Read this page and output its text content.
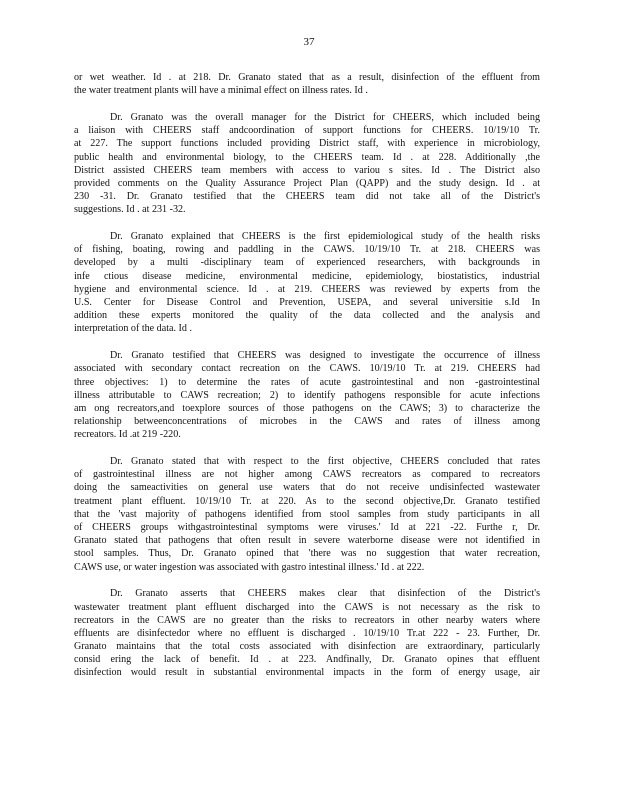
37
or wet weather. Id . at 218. Dr. Granato stated that as a result, disinfection of the effluent from
the water treatment plants will have a minimal effect on illness rates. Id .
Dr. Granato was the overall manager for the District for CHEERS, which included being
a liaison with CHEERS staff andcoordination of support functions for CHEERS. 10/19/10 Tr.
at 227. The support functions included providing District staff, with experience in microbiology,
public health and environmental biology, to the CHEERS team. Id . at 228. Additionally ,the
District assisted CHEERS team members with access to variou s sites. Id . The District also
provided comments on the Quality Assurance Project Plan (QAPP) and the study design. Id . at
230 -31. Dr. Granato testified that the CHEERS team did not take all of the District's
suggestions. Id . at 231 -32.
Dr. Granato explained that CHEERS is the first epidemiological study of the health risks
of fishing, boating, rowing and paddling in the CAWS. 10/19/10 Tr. at 218. CHEERS was
developed by a multi -disciplinary team of experienced researchers, with backgrounds in
infe ctious disease medicine, environmental medicine, epidemiology, biostatistics, industrial
hygiene and environmental science. Id . at 219. CHEERS was reviewed by experts from the
U.S. Center for Disease Control and Prevention, USEPA, and several universitie s.Id In
addition these experts monitored the quality of the data collected and the analysis and
interpretation of the data. Id .
Dr. Granato testified that CHEERS was designed to investigate the occurrence of illness
associated with secondary contact recreation on the CAWS. 10/19/10 Tr. at 219. CHEERS had
three objectives: 1) to determine the rates of acute gastrointestinal and non -gastrointestinal
illness attributable to CAWS recreation; 2) to identify pathogens responsible for acute infections
am ong recreators,and toexplore sources of those pathogens on the CAWS; 3) to characterize the
relationship betweenconcentrations of microbes in the CAWS and rates of illness among
recreators. Id .at 219 -220.
Dr. Granato stated that with respect to the first objective, CHEERS concluded that rates
of gastrointestinal illness are not higher among CAWS recreators as compared to recreators
doing the sameactivities on general use waters that do not receive undisinfected wastewater
treatment plant effluent. 10/19/10 Tr. at 220. As to the second objective,Dr. Granato testified
that the 'vast majority of pathogens identified from stool samples from study participants in all
of CHEERS groups withgastrointestinal symptoms were viruses.' Id at 221 -22. Furthe r, Dr.
Granato stated that pathogens that often result in severe waterborne disease were not identified in
stool samples. Thus, Dr. Granato opined that 'there was no suggestion that water recreation,
CAWS use, or water ingestion was associated with gastro intestinal illness.' Id . at 222.
Dr. Granato asserts that CHEERS makes clear that disinfection of the District's
wastewater treatment plant effluent discharged into the CAWS is not necessary as the risk to
recreators in the CAWS are no greater than the risks to recreators in other nearby waters where
effluents are disinfectedor where no effluent is discharged . 10/19/10 Tr.at 222 - 23. Further, Dr.
Granato maintains that the total costs associated with disinfection are extraordinary, particularly
consid ering the lack of benefit. Id . at 223. Andfinally, Dr. Granato opines that effluent
disinfection would result in substantial environmental impacts in the form of energy usage, air
